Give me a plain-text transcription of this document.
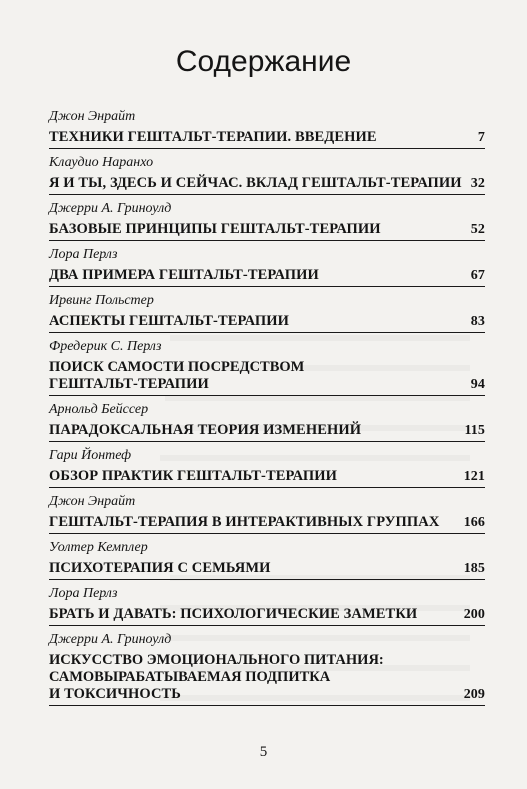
Содержание
Джон Энрайт
ТЕХНИКИ ГЕШТАЛЬТ-ТЕРАПИИ. ВВЕДЕНИЕ	7
Клаудио Наранхо
Я И ТЫ, ЗДЕСЬ И СЕЙЧАС. ВКЛАД ГЕШТАЛЬТ-ТЕРАПИИ 32
Джерри А. Гриноулд
БАЗОВЫЕ ПРИНЦИПЫ ГЕШТАЛЬТ-ТЕРАПИИ	52
Лора Перлз
ДВА ПРИМЕРА ГЕШТАЛЬТ-ТЕРАПИИ	67
Ирвинг Польстер
АСПЕКТЫ ГЕШТАЛЬТ-ТЕРАПИИ	83
Фредерик С. Перлз
ПОИСК САМОСТИ ПОСРЕДСТВОМ
ГЕШТАЛЬТ-ТЕРАПИИ	94
Арнольд Бейссер
ПАРАДОКСАЛЬНАЯ ТЕОРИЯ ИЗМЕНЕНИЙ	115
Гари Йонтеф
ОБЗОР ПРАКТИК ГЕШТАЛЬТ-ТЕРАПИИ	121
Джон Энрайт
ГЕШТАЛЬТ-ТЕРАПИЯ В ИНТЕРАКТИВНЫХ ГРУППАХ	166
Уолтер Кемплер
ПСИХОТЕРАПИЯ С СЕМЬЯМИ	185
Лора Перлз
БРАТЬ И ДАВАТЬ: ПСИХОЛОГИЧЕСКИЕ ЗАМЕТКИ	200
Джерри А. Гриноулд
ИСКУССТВО ЭМОЦИОНАЛЬНОГО ПИТАНИЯ:
САМОВЫРАБАТЫВАЕМАЯ ПОДПИТКА
И ТОКСИЧНОСТЬ	209
5
